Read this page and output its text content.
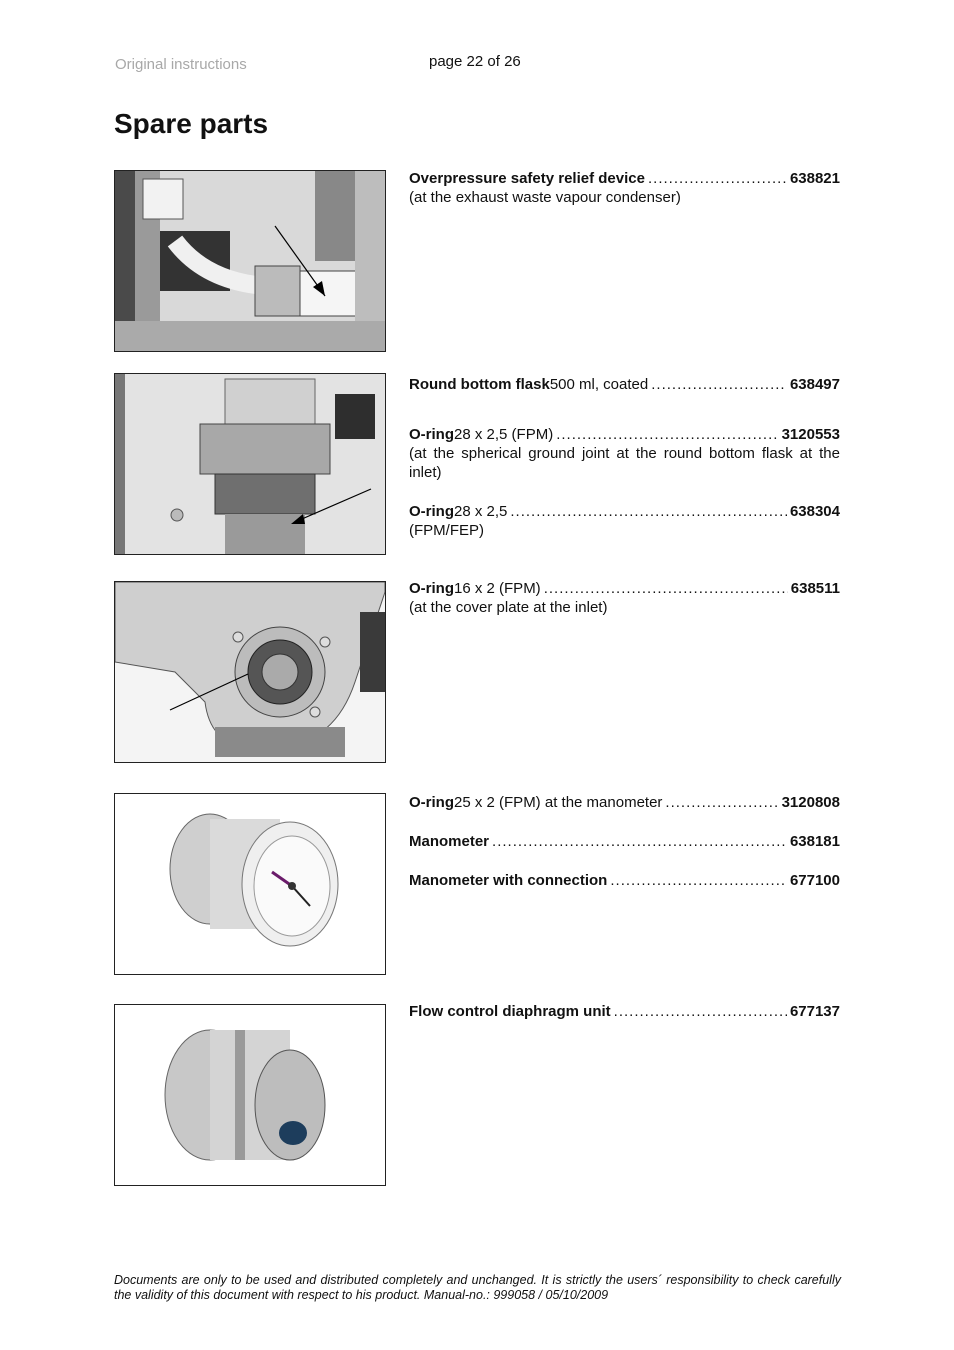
Original instructions	page 22 of 26
Spare parts
Overpressure safety relief device .....	638821
(at the exhaust waste vapour condenser)
Round bottom flask 500 ml, coated .....	638497
O-ring 28 x 2,5 (FPM) .....	3120553
(at the spherical ground joint at the round bottom flask at the inlet)
O-ring 28 x 2,5 .....	638304
(FPM/FEP)
O-ring 16 x 2 (FPM) .....	638511
(at the cover plate at the inlet)
O-ring 25 x 2 (FPM) at the manometer .....	3120808
Manometer .....	638181
Manometer with connection .....	677100
Flow control diaphragm unit .....	677137
Documents are only to be used and distributed completely and unchanged. It is strictly the users´ responsibility to check carefully the validity of this document with respect to his product. Manual-no.: 999058 / 05/10/2009
